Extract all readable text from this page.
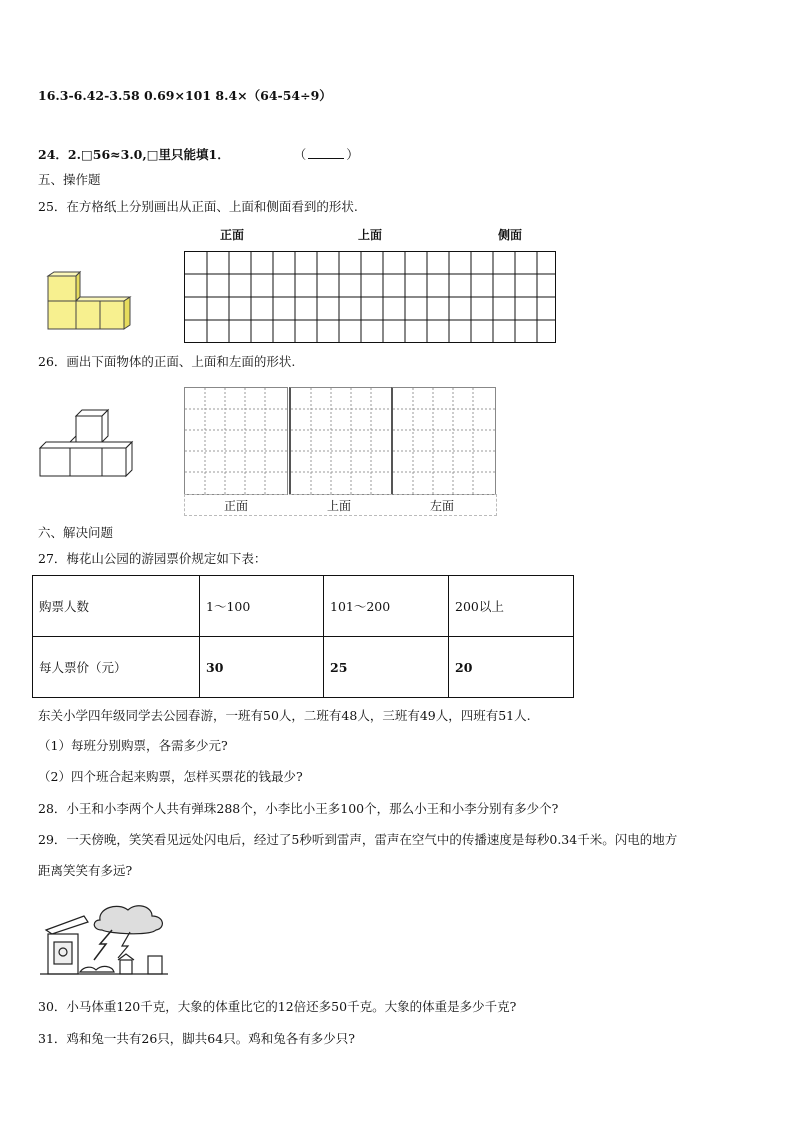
16.3-6.42-3.58 0.69×101 8.4×（64-54÷9）
24．2.□56≈3.0,□里只能填1．	（	）
五、操作题
25．在方格纸上分别画出从正面、上面和侧面看到的形状.
正面	上面	侧面
26．画出下面物体的正面、上面和左面的形状.
正面	上面	左面
六、解决问题
27．梅花山公园的游园票价规定如下表：
购票人数	1～100	101～200	200以上
每人票价（元）	30	25	20
东关小学四年级同学去公园春游，一班有50人，二班有48人，三班有49人，四班有51人.
（1）每班分别购票，各需多少元?
（2）四个班合起来购票，怎样买票花的钱最少?
28．小王和小李两个人共有弹珠288个，小李比小王多100个，那么小王和小李分别有多少个?
29．一天傍晚，笑笑看见远处闪电后，经过了5秒听到雷声，雷声在空气中的传播速度是每秒0.34千米。闪电的地方
距离笑笑有多远?
30．小马体重120千克，大象的体重比它的12倍还多50千克。大象的体重是多少千克?
31．鸡和兔一共有26只，脚共64只。鸡和兔各有多少只?
